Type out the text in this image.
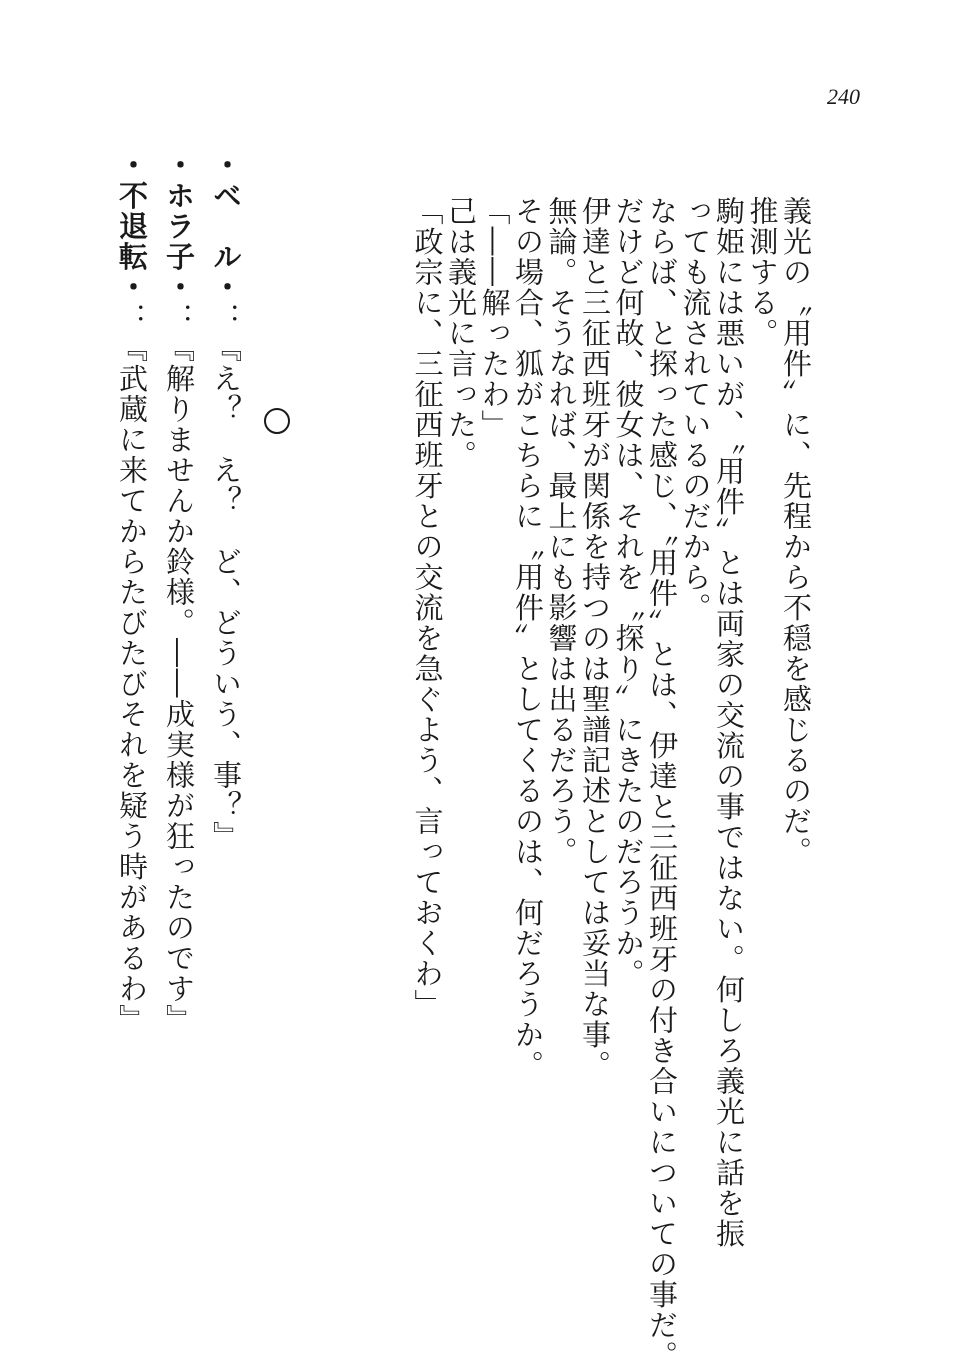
240

義光の〝用件〟に、先程から不穏を感じるのだ。

推測する。

駒姫には悪いが、〝用件〟とは両家の交流の事ではない。何しろ義光に話を振っても流されているのだから。

ならば、と探った感じ、〝用件〟とは、伊達と三征西班牙の付き合いについての事だ。

だけど何故、彼女は、それを〝探り〟にきたのだろうか。

伊達と三征西班牙が関係を持つのは聖譜記述としては妥当な事。

無論。そうなれば、最上にも影響は出るだろう。

その場合、狐がこちらに〝用件〟としてくるのは、何だろうか。

「――解ったわ」

己は義光に言った。

「政宗に、三征西班牙との交流を急ぐよう、言っておくわ」

・ベ　ル・：『え？　え？　ど、どういう、事？』
・ホラ子・：『解りませんか鈴様。――成実様が狂ったのです』
・不退転・：『武蔵に来てからたびたびそれを疑う時があるわ』
